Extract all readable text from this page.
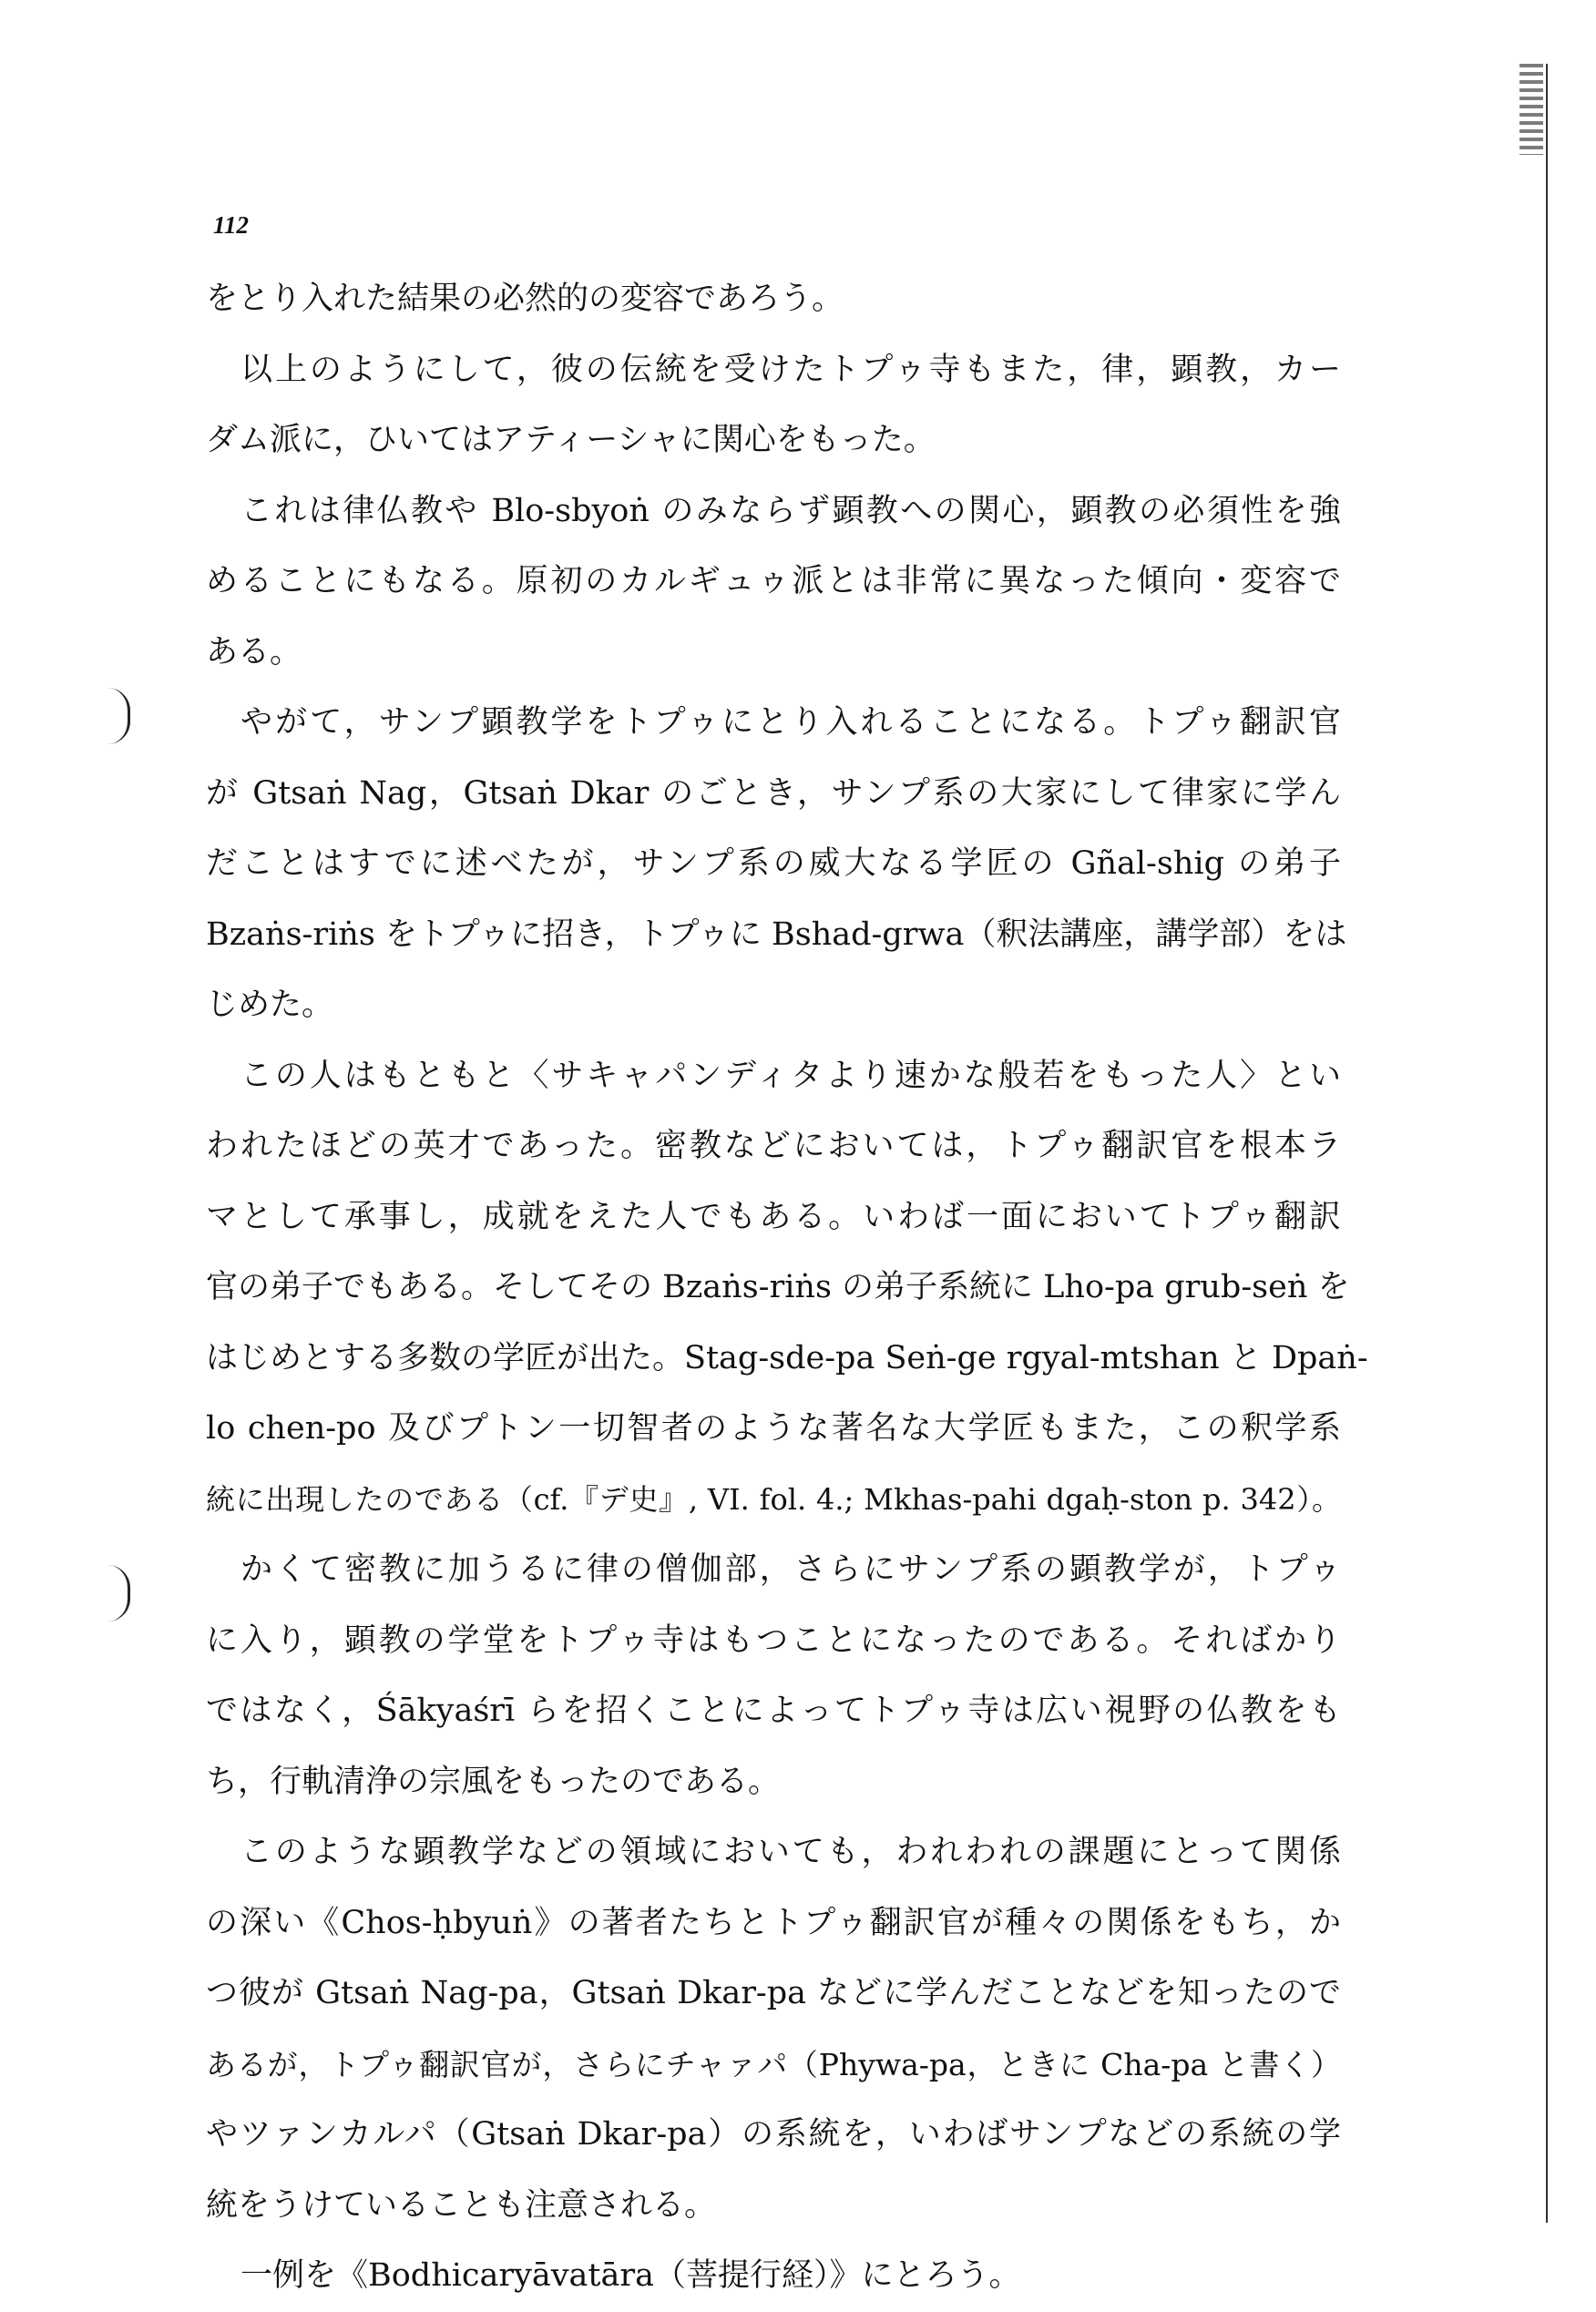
112
をとり入れた結果の必然的の変容であろう。
以上のようにして，彼の伝統を受けたトプゥ寺もまた，律，顕教，カー
ダム派に，ひいてはアティーシャに関心をもった。
これは律仏教や Blo-sbyoṅ のみならず顕教への関心，顕教の必須性を強
めることにもなる。原初のカルギュゥ派とは非常に異なった傾向・変容で
ある。
やがて，サンプ顕教学をトプゥにとり入れることになる。トプゥ翻訳官
が Gtsaṅ Nag，Gtsaṅ Dkar のごとき，サンプ系の大家にして律家に学ん
だことはすでに述べたが，サンプ系の威大なる学匠の Gñal-shig の弟子
Bzaṅs-riṅs をトプゥに招き，トプゥに Bshad-grwa（釈法講座，講学部）をは
じめた。
この人はもともと〈サキャパンディタより速かな般若をもった人〉とい
われたほどの英才であった。密教などにおいては，トプゥ翻訳官を根本ラ
マとして承事し，成就をえた人でもある。いわば一面においてトプゥ翻訳
官の弟子でもある。そしてその Bzaṅs-riṅs の弟子系統に Lho-pa grub-seṅ を
はじめとする多数の学匠が出た。Stag-sde-pa Seṅ-ge rgyal-mtshan と Dpaṅ-
lo chen-po 及びプトン一切智者のような著名な大学匠もまた，この釈学系
統に出現したのである（cf.『デ史』, VI. fol. 4.; Mkhas-pahi dgaḥ-ston p. 342）。
かくて密教に加うるに律の僧伽部，さらにサンプ系の顕教学が，トプゥ
に入り，顕教の学堂をトプゥ寺はもつことになったのである。そればかり
ではなく，Śākyaśrī らを招くことによってトプゥ寺は広い視野の仏教をも
ち，行軌清浄の宗風をもったのである。
このような顕教学などの領域においても，われわれの課題にとって関係
の深い《Chos-ḥbyuṅ》の著者たちとトプゥ翻訳官が種々の関係をもち，か
つ彼が Gtsaṅ Nag-pa，Gtsaṅ Dkar-pa などに学んだことなどを知ったので
あるが，トプゥ翻訳官が，さらにチャァパ（Phywa-pa，ときに Cha-pa と書く）
やツァンカルパ（Gtsaṅ Dkar-pa）の系統を，いわばサンプなどの系統の学
統をうけていることも注意される。
一例を《Bodhicaryāvatāra（菩提行経）》にとろう。
